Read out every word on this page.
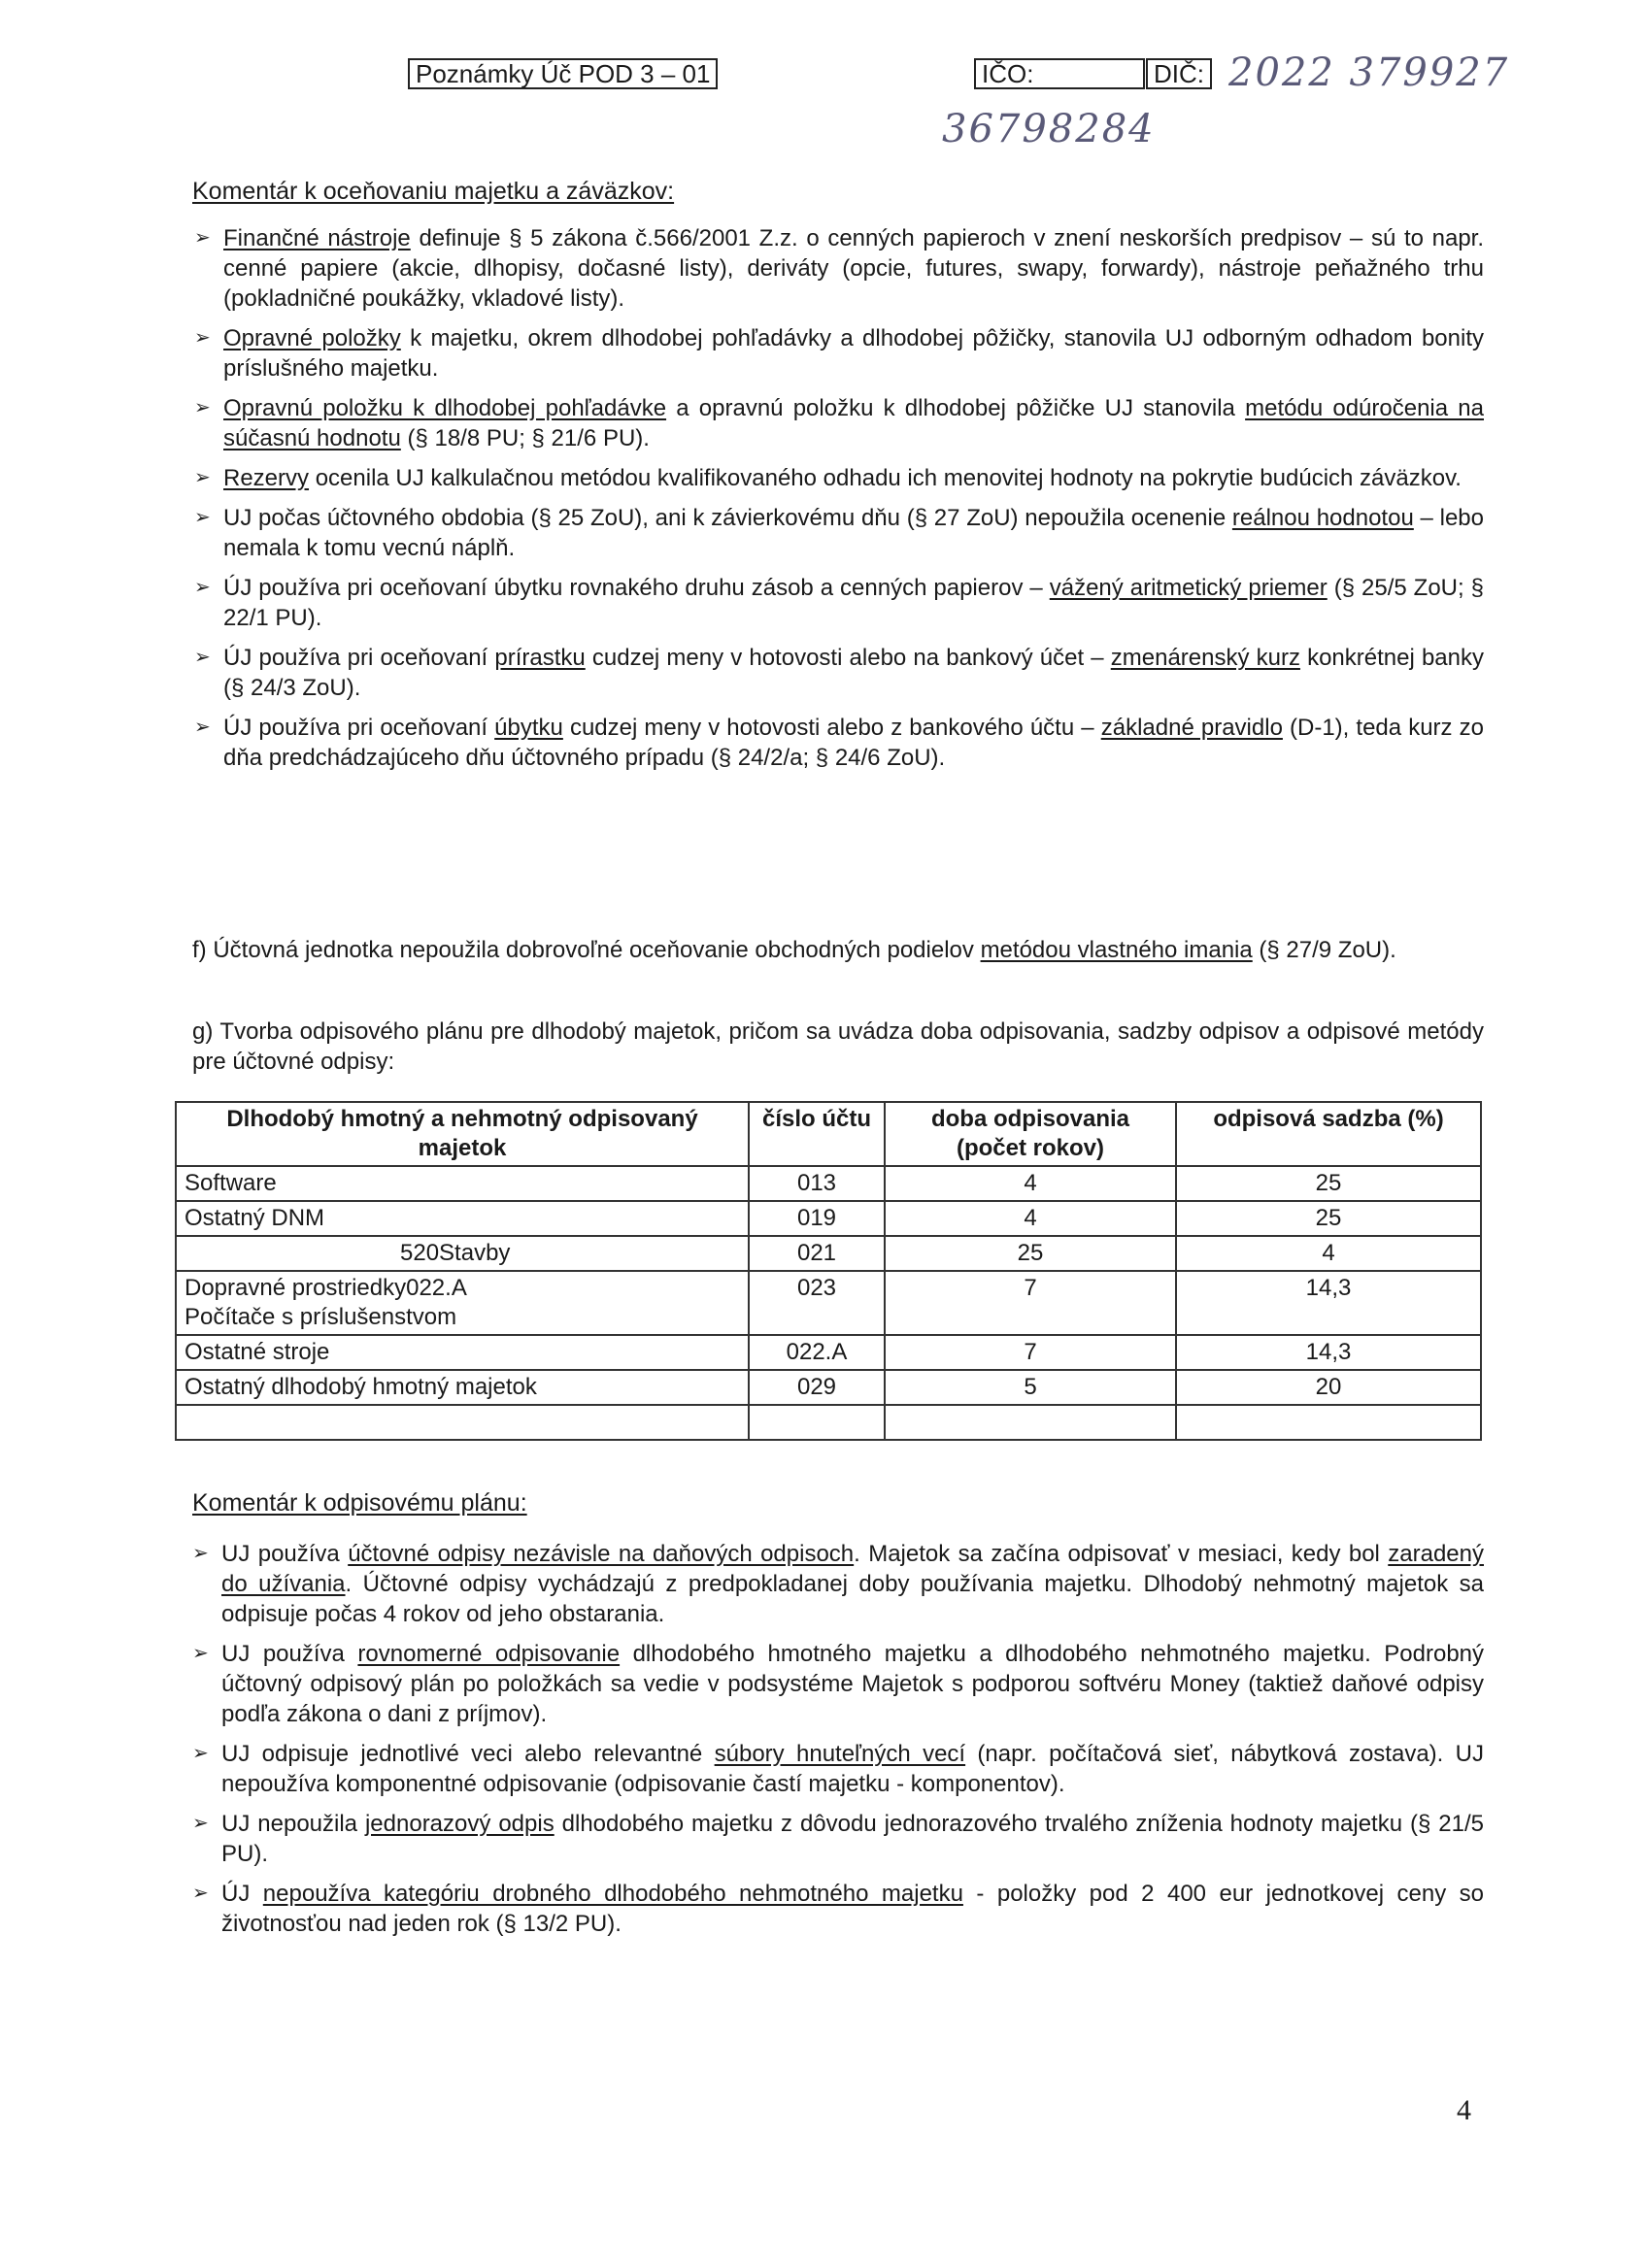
Poznámky Úč POD 3 – 01	IČO:	DIČ: 2022 379927
36798284
Komentár k oceňovaniu majetku a záväzkov:
➢ Finančné nástroje definuje § 5 zákona č.566/2001 Z.z. o cenných papieroch v znení neskorších predpisov – sú to napr. cenné papiere (akcie, dlhopisy, dočasné listy), deriváty (opcie, futures, swapy, forwardy), nástroje peňažného trhu (pokladničné poukážky, vkladové listy).
➢ Opravné položky k majetku, okrem dlhodobej pohľadávky a dlhodobej pôžičky, stanovila UJ odborným odhadom bonity príslušného majetku.
➢ Opravnú položku k dlhodobej pohľadávke a opravnú položku k dlhodobej pôžičke UJ stanovila metódu odúročenia na súčasnú hodnotu (§ 18/8 PU; § 21/6 PU).
➢ Rezervy ocenila UJ kalkulačnou metódou kvalifikovaného odhadu ich menovitej hodnoty na pokrytie budúcich záväzkov.
➢ UJ počas účtovného obdobia (§ 25 ZoU), ani k závierkovému dňu (§ 27 ZoU) nepoužila ocenenie reálnou hodnotou – lebo nemala k tomu vecnú náplň.
➢ ÚJ používa pri oceňovaní úbytku rovnakého druhu zásob a cenných papierov – vážený aritmetický priemer (§ 25/5 ZoU; § 22/1 PU).
➢ ÚJ používa pri oceňovaní prírastku cudzej meny v hotovosti alebo na bankový účet – zmenárenský kurz konkrétnej banky (§ 24/3 ZoU).
➢ ÚJ používa pri oceňovaní úbytku cudzej meny v hotovosti alebo z bankového účtu – základné pravidlo (D-1), teda kurz zo dňa predchádzajúceho dňu účtovného prípadu (§ 24/2/a; § 24/6 ZoU).
f) Účtovná jednotka nepoužila dobrovoľné oceňovanie obchodných podielov metódou vlastného imania (§ 27/9 ZoU).
g) Tvorba odpisového plánu pre dlhodobý majetok, pričom sa uvádza doba odpisovania, sadzby odpisov a odpisové metódy pre účtovné odpisy:
Dlhodobý hmotný a nehmotný odpisovaný majetok	číslo účtu	doba odpisovania (počet rokov)	odpisová sadzba (%)
Software	013	4	25
Ostatný DNM	019	4	25
520Stavby	021	25	4

Dopravné prostriedky022.A
Počítače s príslušenstvom	023	7	14,3
Ostatné stroje	022.A	7	14,3
Ostatný dlhodobý hmotný majetok	029	5	20

Komentár k odpisovému plánu:
➢ UJ používa účtovné odpisy nezávisle na daňových odpisoch. Majetok sa začína odpisovať v mesiaci, kedy bol zaradený do užívania. Účtovné odpisy vychádzajú z predpokladanej doby používania majetku. Dlhodobý nehmotný majetok sa odpisuje počas 4 rokov od jeho obstarania.
➢ UJ používa rovnomerné odpisovanie dlhodobého hmotného majetku a dlhodobého nehmotného majetku. Podrobný účtovný odpisový plán po položkách sa vedie v podsystéme Majetok s podporou softvéru Money (taktiež daňové odpisy podľa zákona o dani z príjmov).
➢ UJ odpisuje jednotlivé veci alebo relevantné súbory hnuteľných vecí (napr. počítačová sieť, nábytková zostava). UJ nepoužíva komponentné odpisovanie (odpisovanie častí majetku - komponentov).
➢ UJ nepoužila jednorazový odpis dlhodobého majetku z dôvodu jednorazového trvalého zníženia hodnoty majetku (§ 21/5 PU).
➢ ÚJ nepoužíva kategóriu drobného dlhodobého nehmotného majetku - položky pod 2 400 eur jednotkovej ceny so životnosťou nad jeden rok (§ 13/2 PU).
4
